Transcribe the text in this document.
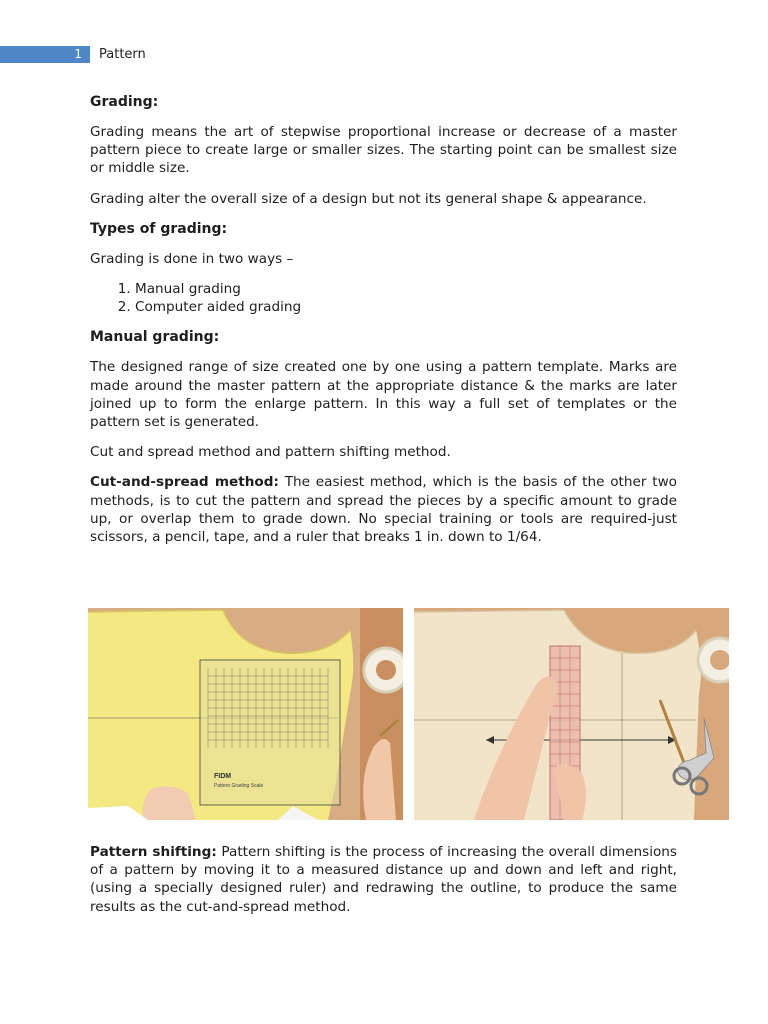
1 Pattern
Grading:

Grading means the art of stepwise proportional increase or decrease of a master pattern piece to create large or smaller sizes. The starting point can be smallest size or middle size.

Grading alter the overall size of a design but not its general shape & appearance.

Types of grading:

Grading is done in two ways –

1. Manual grading
2. Computer aided grading
Manual grading:

The designed range of size created one by one using a pattern template. Marks are made around the master pattern at the appropriate distance & the marks are later joined up to form the enlarge pattern. In this way a full set of templates or the pattern set is generated.

Cut and spread method and pattern shifting method.

Cut-and-spread method: The easiest method, which is the basis of the other two methods, is to cut the pattern and spread the pieces by a specific amount to grade up, or overlap them to grade down. No special training or tools are required-just scissors, a pencil, tape, and a ruler that breaks 1 in. down to 1/64.

FIDM
Pattern Grading Scale

Pattern shifting: Pattern shifting is the process of increasing the overall dimensions of a pattern by moving it to a measured distance up and down and left and right, (using a specially designed ruler) and redrawing the outline, to produce the same results as the cut-and-spread method.
